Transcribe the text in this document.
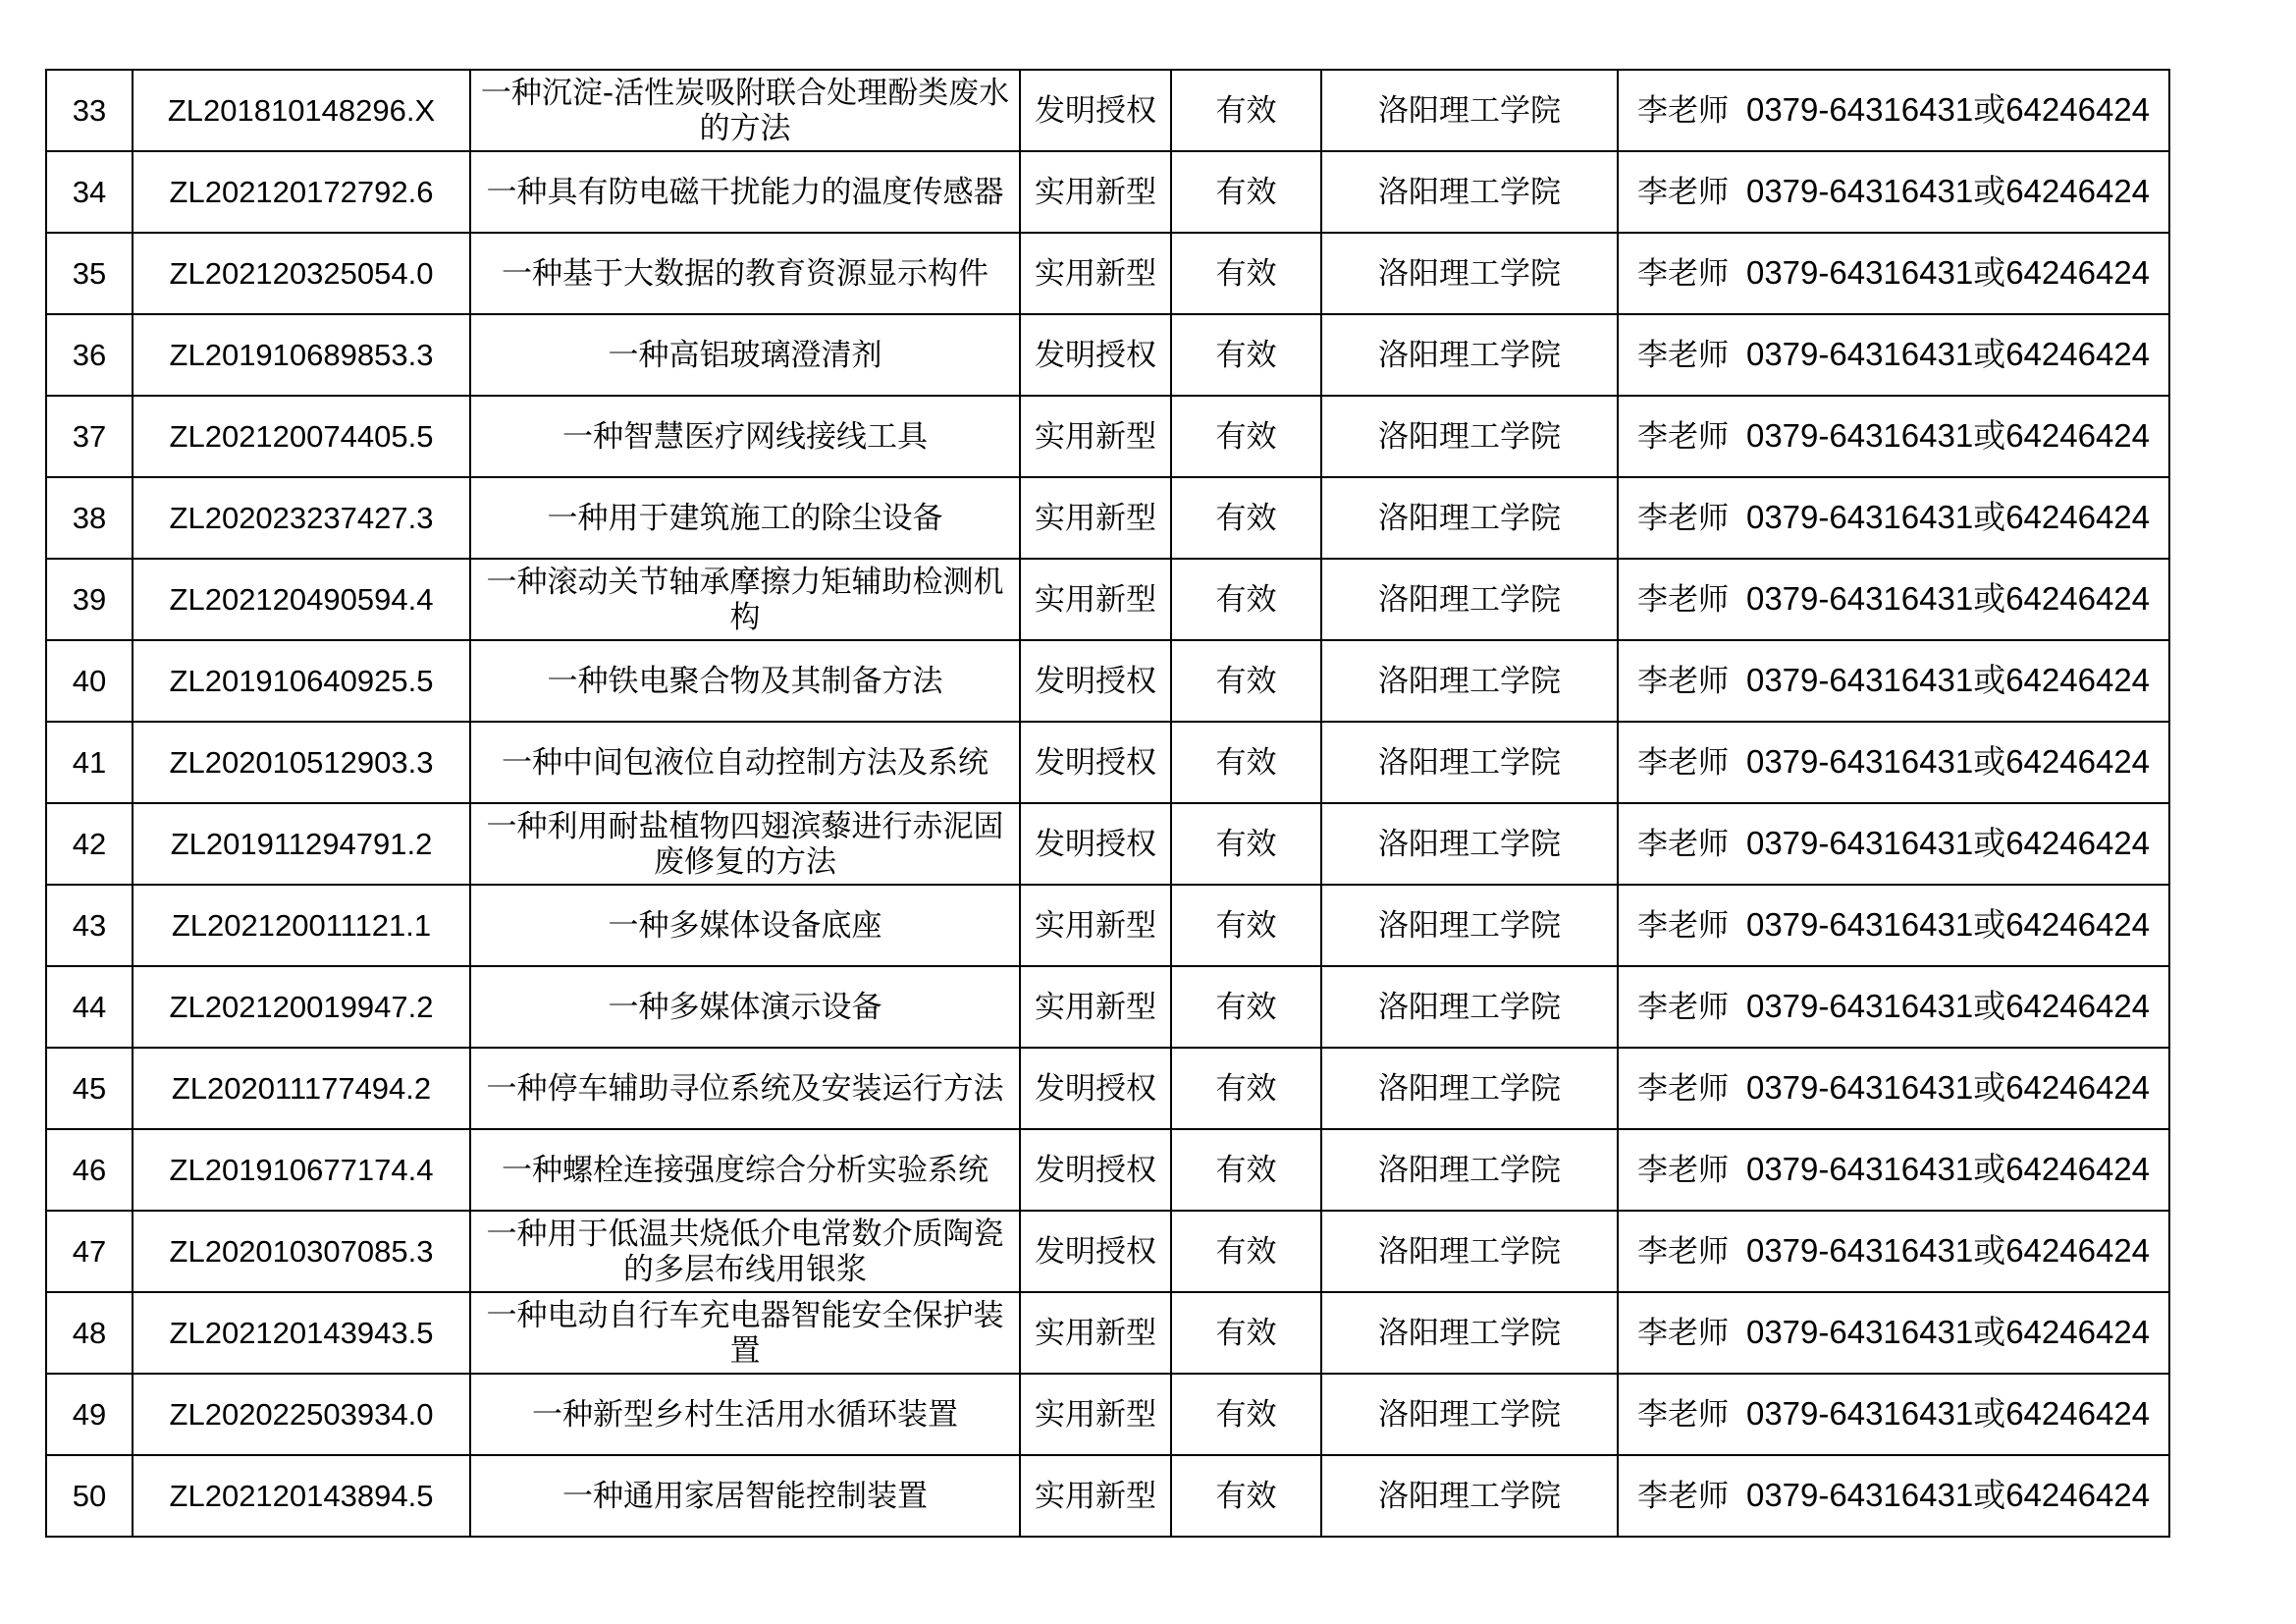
33	ZL201810148296.X	一种沉淀-活性炭吸附联合处理酚类废水的方法	发明授权	有效	洛阳理工学院	李老师 0379-64316431或64246424
34	ZL202120172792.6	一种具有防电磁干扰能力的温度传感器	实用新型	有效	洛阳理工学院	李老师 0379-64316431或64246424
35	ZL202120325054.0	一种基于大数据的教育资源显示构件	实用新型	有效	洛阳理工学院	李老师 0379-64316431或64246424
36	ZL201910689853.3	一种高铝玻璃澄清剂	发明授权	有效	洛阳理工学院	李老师 0379-64316431或64246424
37	ZL202120074405.5	一种智慧医疗网线接线工具	实用新型	有效	洛阳理工学院	李老师 0379-64316431或64246424
38	ZL202023237427.3	一种用于建筑施工的除尘设备	实用新型	有效	洛阳理工学院	李老师 0379-64316431或64246424
39	ZL202120490594.4	一种滚动关节轴承摩擦力矩辅助检测机构	实用新型	有效	洛阳理工学院	李老师 0379-64316431或64246424
40	ZL201910640925.5	一种铁电聚合物及其制备方法	发明授权	有效	洛阳理工学院	李老师 0379-64316431或64246424
41	ZL202010512903.3	一种中间包液位自动控制方法及系统	发明授权	有效	洛阳理工学院	李老师 0379-64316431或64246424
42	ZL201911294791.2	一种利用耐盐植物四翅滨藜进行赤泥固废修复的方法	发明授权	有效	洛阳理工学院	李老师 0379-64316431或64246424
43	ZL202120011121.1	一种多媒体设备底座	实用新型	有效	洛阳理工学院	李老师 0379-64316431或64246424
44	ZL202120019947.2	一种多媒体演示设备	实用新型	有效	洛阳理工学院	李老师 0379-64316431或64246424
45	ZL202011177494.2	一种停车辅助寻位系统及安装运行方法	发明授权	有效	洛阳理工学院	李老师 0379-64316431或64246424
46	ZL201910677174.4	一种螺栓连接强度综合分析实验系统	发明授权	有效	洛阳理工学院	李老师 0379-64316431或64246424
47	ZL202010307085.3	一种用于低温共烧低介电常数介质陶瓷的多层布线用银浆	发明授权	有效	洛阳理工学院	李老师 0379-64316431或64246424
48	ZL202120143943.5	一种电动自行车充电器智能安全保护装置	实用新型	有效	洛阳理工学院	李老师 0379-64316431或64246424
49	ZL202022503934.0	一种新型乡村生活用水循环装置	实用新型	有效	洛阳理工学院	李老师 0379-64316431或64246424
50	ZL202120143894.5	一种通用家居智能控制装置	实用新型	有效	洛阳理工学院	李老师 0379-64316431或64246424
